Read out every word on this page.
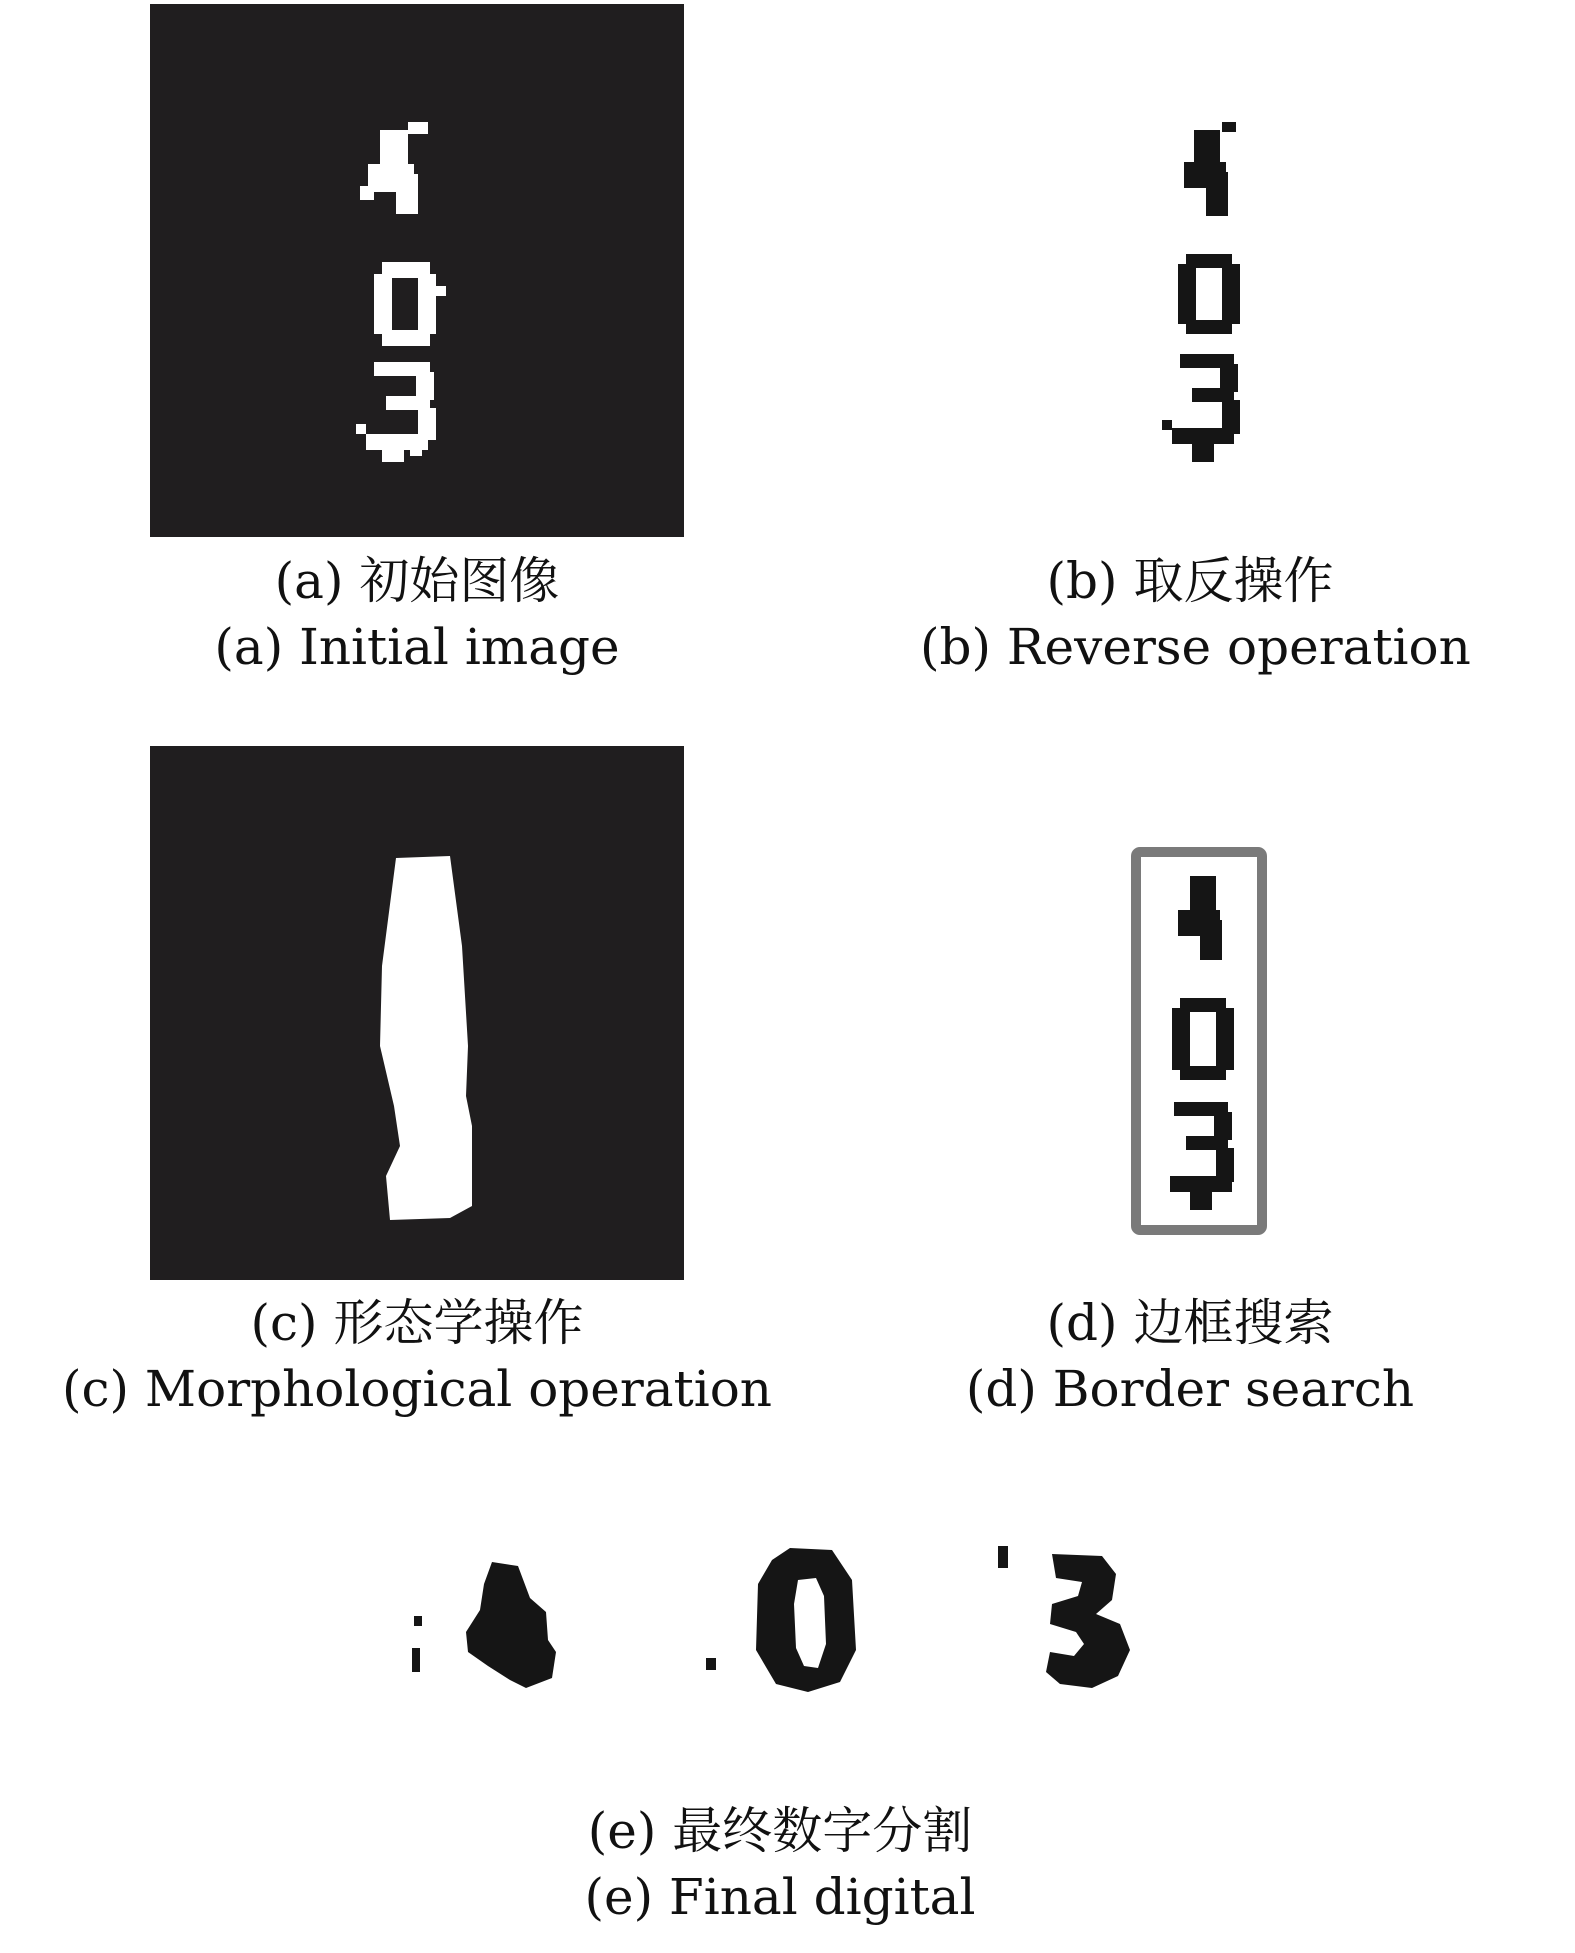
(a) 初始图像
(a) Initial image
(b) 取反操作
(b) Reverse operation
(c) 形态学操作
(c) Morphological operation
(d) 边框搜索
(d) Border search
(e) 最终数字分割
(e) Final digital
